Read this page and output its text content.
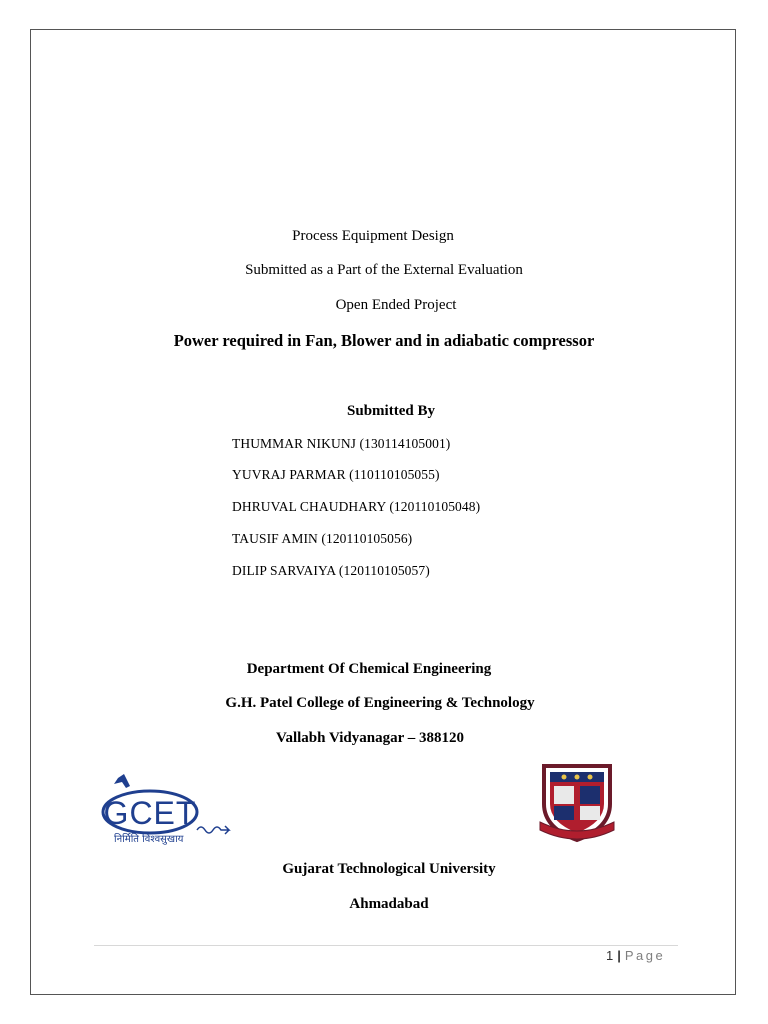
Process Equipment Design
Submitted as a Part of the External Evaluation
Open Ended Project
Power required in Fan, Blower and in adiabatic compressor
Submitted By
THUMMAR NIKUNJ (130114105001)
YUVRAJ PARMAR (110110105055)
DHRUVAL CHAUDHARY (120110105048)
TAUSIF AMIN (120110105056)
DILIP SARVAIYA (120110105057)
Department Of Chemical Engineering
G.H. Patel College of Engineering & Technology
Vallabh Vidyanagar – 388120
GCET
निर्मिति विश्वसुखाय
Gujarat Technological University
Ahmadabad
1 | Page
